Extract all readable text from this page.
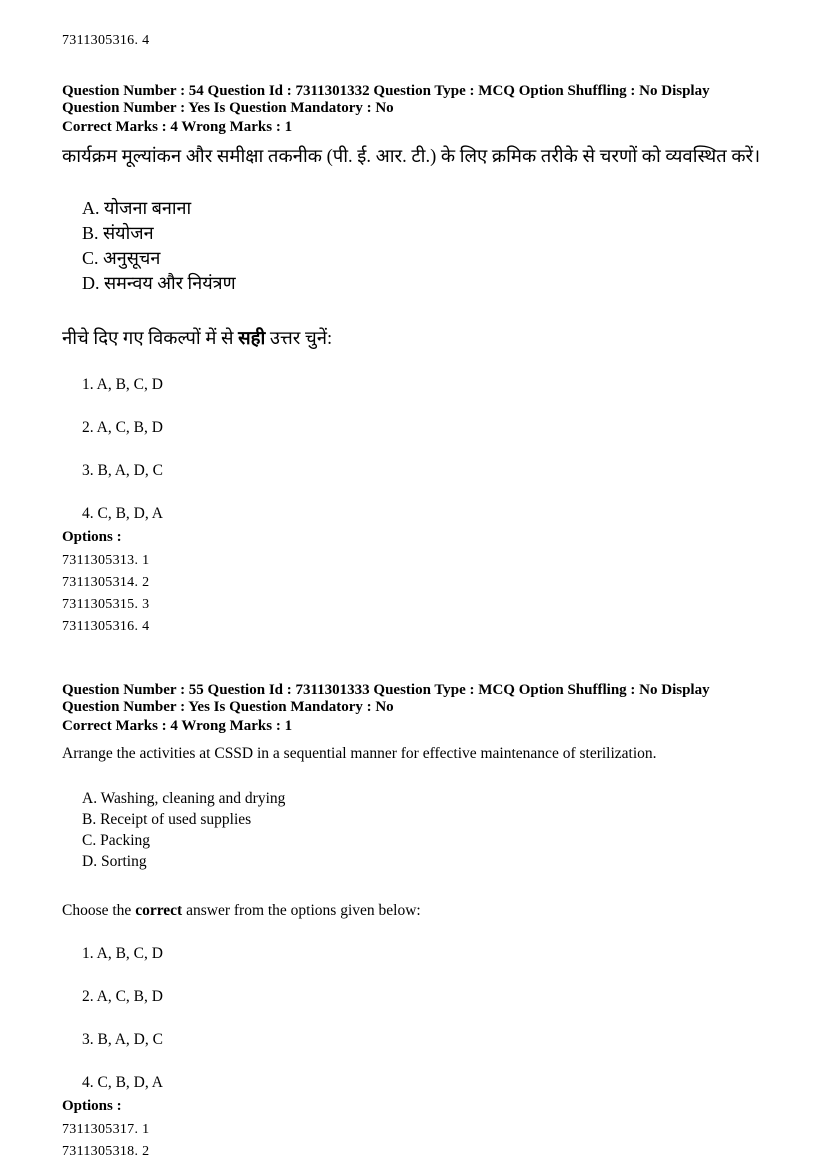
7311305316. 4

Question Number : 54 Question Id : 7311301332 Question Type : MCQ Option Shuffling : No Display Question Number : Yes Is Question Mandatory : No

Correct Marks : 4 Wrong Marks : 1

कार्यक्रम मूल्यांकन और समीक्षा तकनीक (पी. ई. आर. टी.) के लिए क्रमिक तरीके से चरणों को व्यवस्थित करें।

A. योजना बनाना

B. संयोजन

C. अनुसूचन

D. समन्वय और नियंत्रण

नीचे दिए गए विकल्पों में से सही उत्तर चुनें:

1. A, B, C, D

2. A, C, B, D

3. B, A, D, C

4. C, B, D, A

Options :

7311305313. 1

7311305314. 2

7311305315. 3

7311305316. 4

Question Number : 55 Question Id : 7311301333 Question Type : MCQ Option Shuffling : No Display Question Number : Yes Is Question Mandatory : No

Correct Marks : 4 Wrong Marks : 1

Arrange the activities at CSSD in a sequential manner for effective maintenance of sterilization.

A. Washing, cleaning and drying

B. Receipt of used supplies

C. Packing

D. Sorting

Choose the correct answer from the options given below:

1. A, B, C, D

2. A, C, B, D

3. B, A, D, C

4. C, B, D, A

Options :

7311305317. 1

7311305318. 2
